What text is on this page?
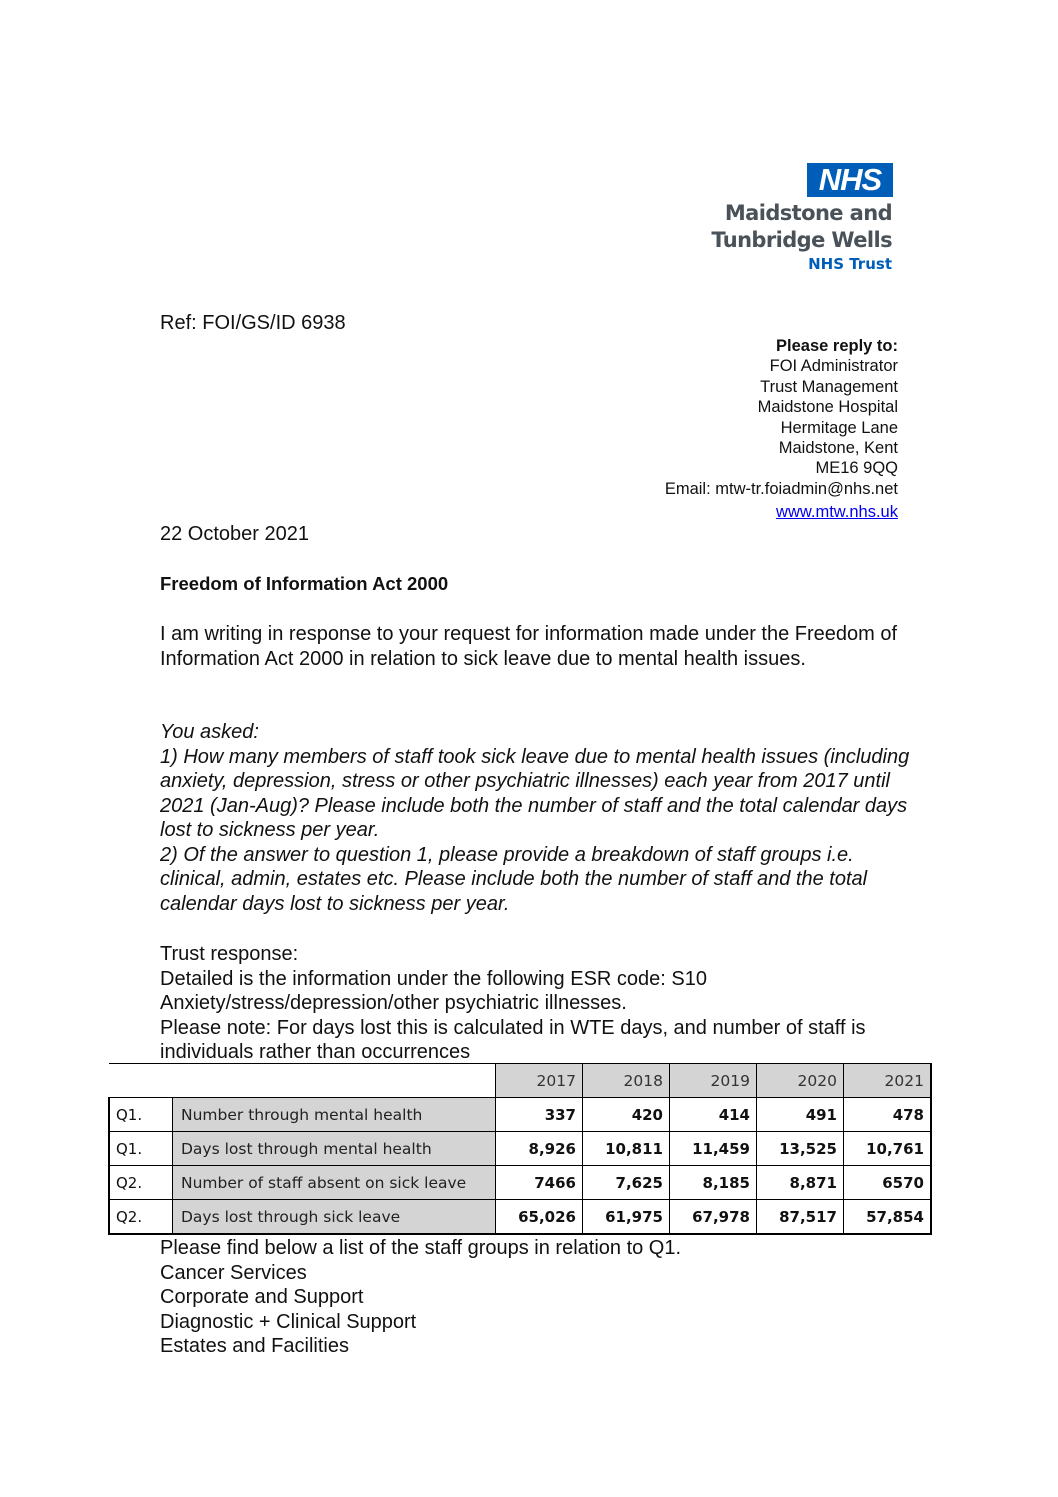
NHS
Maidstone and
Tunbridge Wells
NHS Trust
Ref: FOI/GS/ID 6938
Please reply to:
FOI Administrator
Trust Management
Maidstone Hospital
Hermitage Lane
Maidstone, Kent
ME16 9QQ
Email: mtw-tr.foiadmin@nhs.net
www.mtw.nhs.uk
22 October 2021
Freedom of Information Act 2000
I am writing in response to your request for information made under the Freedom of Information Act 2000 in relation to sick leave due to mental health issues.
You asked:
1) How many members of staff took sick leave due to mental health issues (including anxiety, depression, stress or other psychiatric illnesses) each year from 2017 until 2021 (Jan-Aug)? Please include both the number of staff and the total calendar days lost to sickness per year.
2) Of the answer to question 1, please provide a breakdown of staff groups i.e. clinical, admin, estates etc. Please include both the number of staff and the total calendar days lost to sickness per year.
Trust response:
Detailed is the information under the following ESR code: S10
Anxiety/stress/depression/other psychiatric illnesses.
Please note: For days lost this is calculated in WTE days, and number of staff is individuals rather than occurrences
		2017	2018	2019	2020	2021
Q1.	Number through mental health	337	420	414	491	478
Q1.	Days lost through mental health	8,926	10,811	11,459	13,525	10,761
Q2.	Number of staff absent on sick leave	7466	7,625	8,185	8,871	6570
Q2.	Days lost through sick leave	65,026	61,975	67,978	87,517	57,854
Please find below a list of the staff groups in relation to Q1.
Cancer Services
Corporate and Support
Diagnostic + Clinical Support
Estates and Facilities
